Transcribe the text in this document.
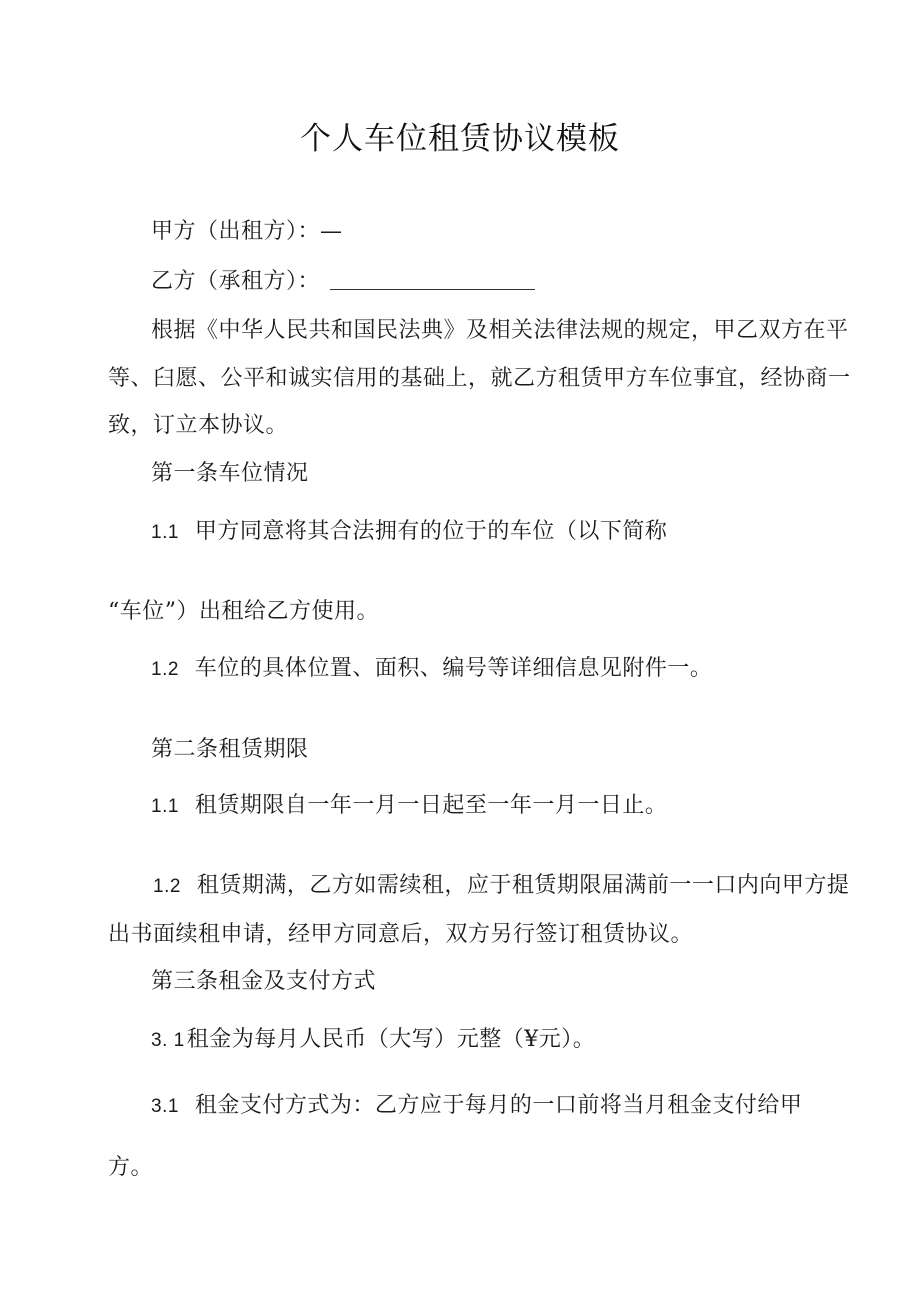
个人车位租赁协议模板
甲方（出租方）：—
乙方（承租方）：
根据《中华人民共和国民法典》及相关法律法规的规定，甲乙双方在平
等、臼愿、公平和诚实信用的基础上，就乙方租赁甲方车位事宜，经协商一
致，订立本协议。
第一条车位情况
1.1 甲方同意将其合法拥有的位于的车位（以下简称
“车位”）出租给乙方使用。
1.2 车位的具体位置、面积、编号等详细信息见附件一。
第二条租赁期限
1.1 租赁期限自一年一月一日起至一年一月一日止。
1.2 租赁期满，乙方如需续租，应于租赁期限届满前一一口内向甲方提
出书面续租申请，经甲方同意后，双方另行签订租赁协议。
第三条租金及支付方式
3. 1租金为每月人民币（大写）元整（¥元）。
3.1 租金支付方式为：乙方应于每月的一口前将当月租金支付给甲
方。
